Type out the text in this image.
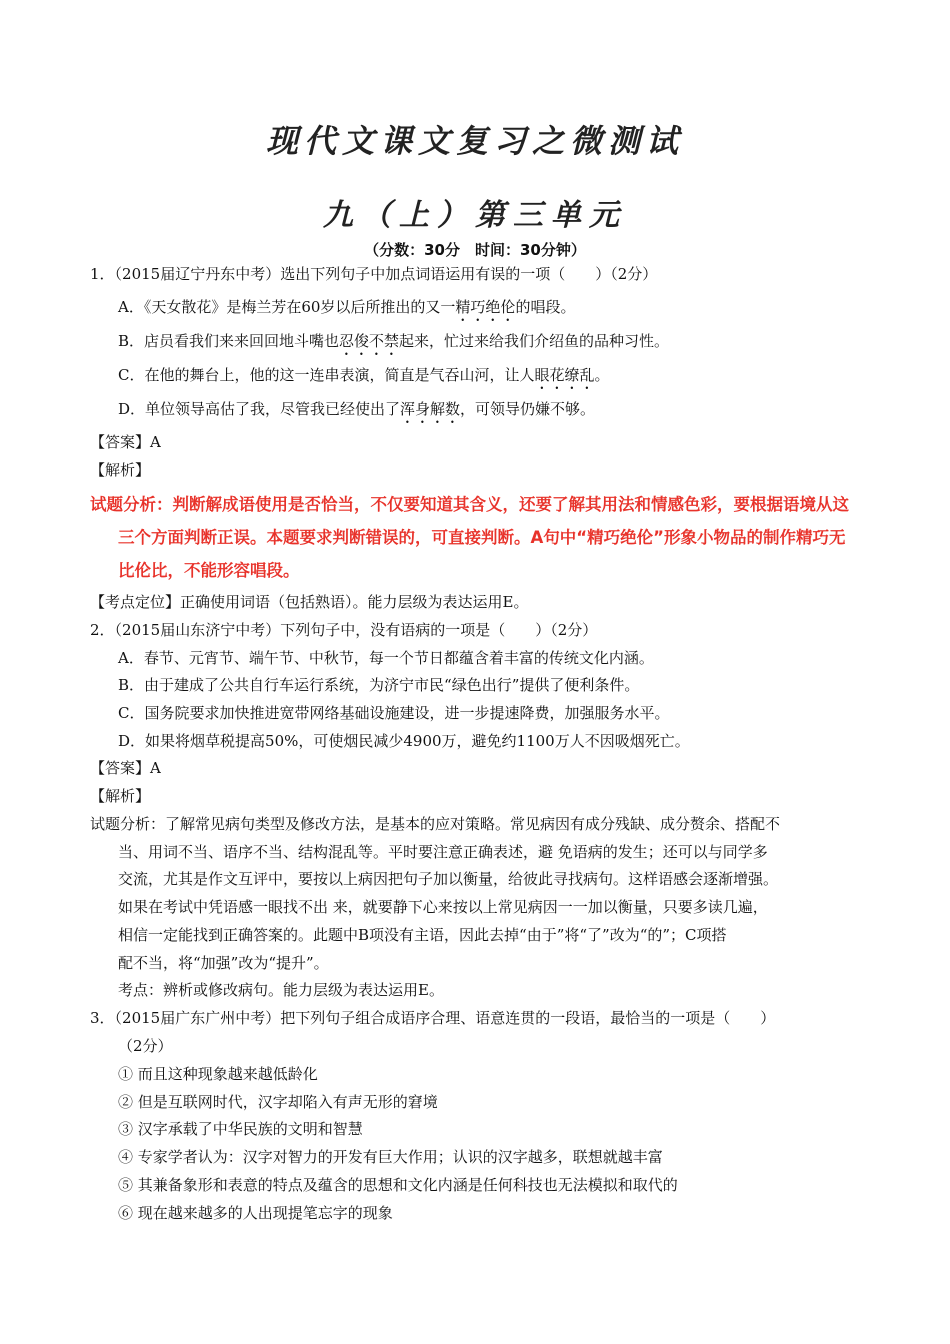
现代文课文复习之微测试
九（上）第三单元
（分数：30分　时间：30分钟）
1．（2015届辽宁丹东中考）选出下列句子中加点词语运用有误的一项（　　）（2分）
A．《天女散花》是梅兰芳在60岁以后所推出的又一精巧绝伦的唱段。
B．店员看我们来来回回地斗嘴也忍俊不禁起来，忙过来给我们介绍鱼的品种习性。
C．在他的舞台上，他的这一连串表演，简直是气吞山河，让人眼花缭乱。
D．单位领导高估了我，尽管我已经使出了浑身解数，可领导仍嫌不够。
【答案】A
【解析】
试题分析：判断解成语使用是否恰当，不仅要知道其含义，还要了解其用法和情感色彩，要根据语境从这
三个方面判断正误。本题要求判断错误的，可直接判断。A句中“精巧绝伦”形象小物品的制作精巧无
比伦比，不能形容唱段。
【考点定位】正确使用词语（包括熟语）。能力层级为表达运用E。
2．（2015届山东济宁中考）下列句子中，没有语病的一项是（　　）（2分）
A．春节、元宵节、端午节、中秋节，每一个节日都蕴含着丰富的传统文化内涵。
B．由于建成了公共自行车运行系统，为济宁市民“绿色出行”提供了便利条件。
C．国务院要求加快推进宽带网络基础设施建设，进一步提速降费，加强服务水平。
D．如果将烟草税提高50%，可使烟民减少4900万，避免约1100万人不因吸烟死亡。
【答案】A
【解析】
试题分析：了解常见病句类型及修改方法，是基本的应对策略。常见病因有成分残缺、成分赘余、搭配不
当、用词不当、语序不当、结构混乱等。平时要注意正确表述，避 免语病的发生；还可以与同学多
交流，尤其是作文互评中，要按以上病因把句子加以衡量，给彼此寻找病句。这样语感会逐渐增强。
如果在考试中凭语感一眼找不出 来，就要静下心来按以上常见病因一一加以衡量，只要多读几遍，
相信一定能找到正确答案的。此题中B项没有主语，因此去掉“由于”将“了”改为“的”；C项搭
配不当，将“加强”改为“提升”。
考点：辨析或修改病句。能力层级为表达运用E。
3．（2015届广东广州中考）把下列句子组合成语序合理、语意连贯的一段语，最恰当的一项是（　　）
（2分）
① 而且这种现象越来越低龄化
② 但是互联网时代，汉字却陷入有声无形的窘境
③ 汉字承载了中华民族的文明和智慧
④ 专家学者认为：汉字对智力的开发有巨大作用；认识的汉字越多，联想就越丰富
⑤ 其兼备象形和表意的特点及蕴含的思想和文化内涵是任何科技也无法模拟和取代的
⑥ 现在越来越多的人出现提笔忘字的现象
